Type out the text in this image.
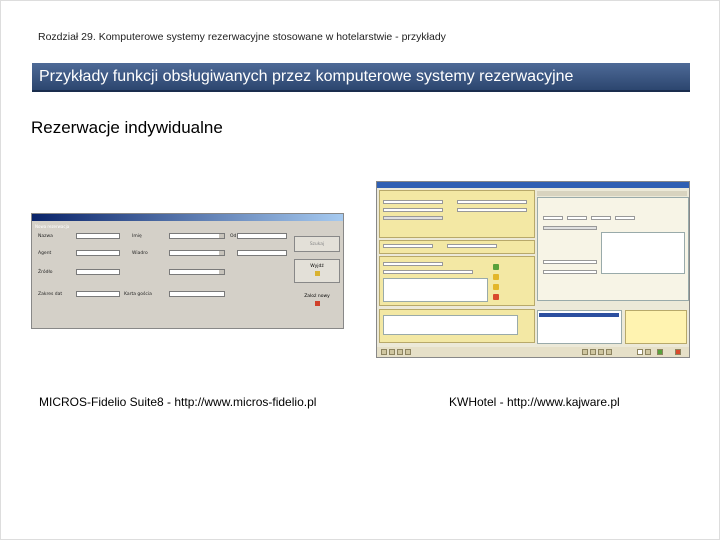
Rozdział 29. Komputerowe systemy rezerwacyjne stosowane w hotelarstwie - przykłady
Przykłady funkcji obsługiwanych przez komputerowe systemy rezerwacyjne
Rezerwacje indywidualne
Nowa rezerwacja
Nazwa	Imię	Od
Agent	Wiadro
Źródło
Zakres dat	Karta gościa
Szukaj
Wyjdź

Zaloż nowy

MICROS-Fidelio Suite8 - http://www.micros-fidelio.pl	KWHotel - http://www.kajware.pl
